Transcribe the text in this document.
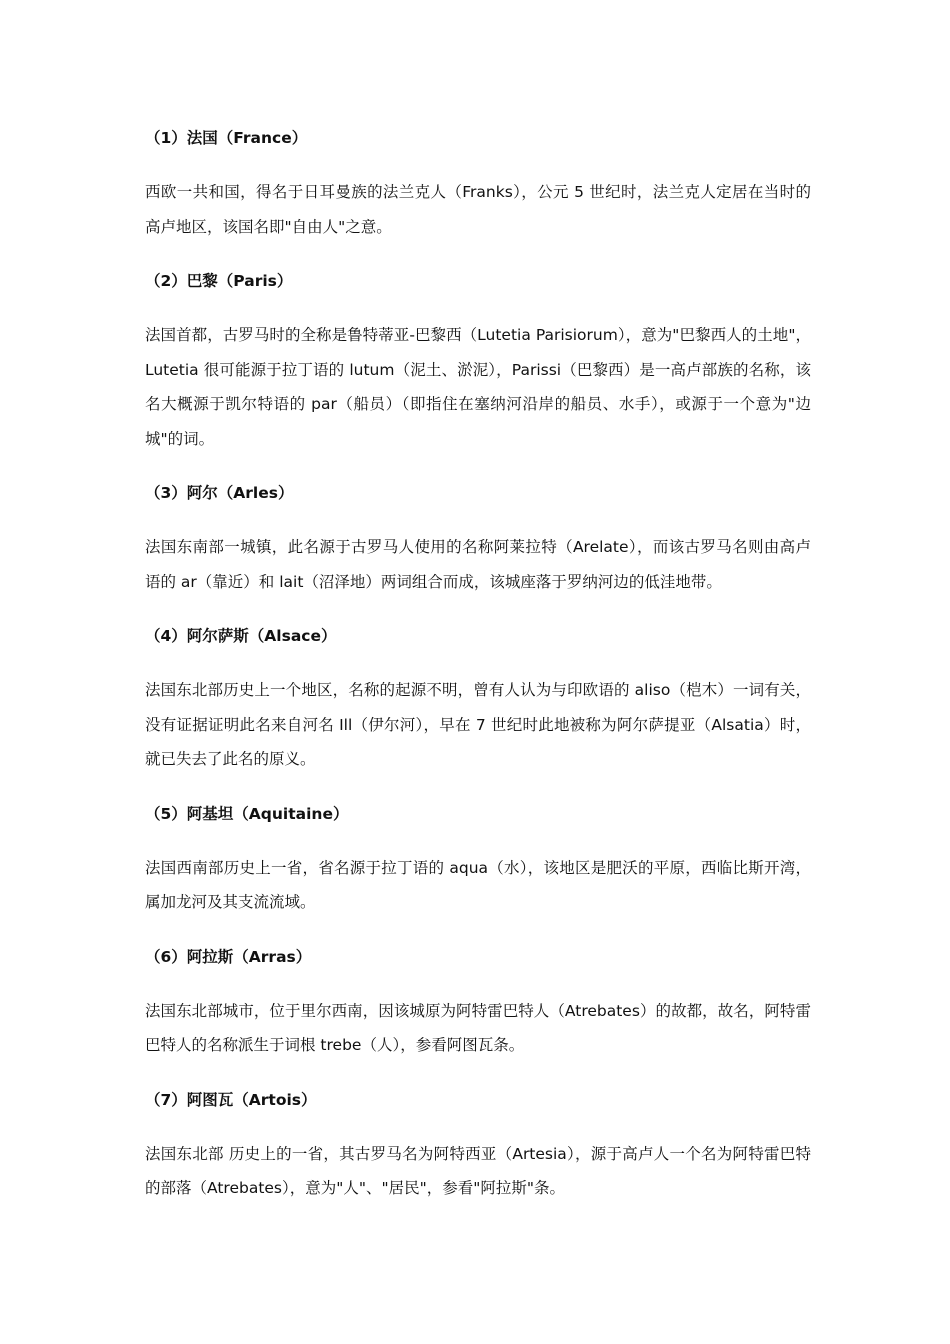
（1）法国（France）

西欧一共和国，得名于日耳曼族的法兰克人（Franks），公元 5 世纪时，法兰克人定居在当时的高卢地区，该国名即"自由人"之意。

（2）巴黎（Paris）

法国首都，古罗马时的全称是鲁特蒂亚-巴黎西（Lutetia Parisiorum），意为"巴黎西人的土地"，Lutetia 很可能源于拉丁语的 lutum（泥土、淤泥），Parissi（巴黎西）是一高卢部族的名称，该名大概源于凯尔特语的 par（船员）（即指住在塞纳河沿岸的船员、水手），或源于一个意为"边城"的词。

（3）阿尔（Arles）

法国东南部一城镇，此名源于古罗马人使用的名称阿莱拉特（Arelate），而该古罗马名则由高卢语的 ar（靠近）和 lait（沼泽地）两词组合而成，该城座落于罗纳河边的低洼地带。

（4）阿尔萨斯（Alsace）

法国东北部历史上一个地区，名称的起源不明，曾有人认为与印欧语的 aliso（桤木）一词有关，没有证据证明此名来自河名 Ill（伊尔河），早在 7 世纪时此地被称为阿尔萨提亚（Alsatia）时，就已失去了此名的原义。

（5）阿基坦（Aquitaine）

法国西南部历史上一省，省名源于拉丁语的 aqua（水），该地区是肥沃的平原，西临比斯开湾，属加龙河及其支流流域。

（6）阿拉斯（Arras）

法国东北部城市，位于里尔西南，因该城原为阿特雷巴特人（Atrebates）的故都，故名，阿特雷巴特人的名称派生于词根 trebe（人），参看阿图瓦条。

（7）阿图瓦（Artois）

法国东北部 历史上的一省，其古罗马名为阿特西亚（Artesia），源于高卢人一个名为阿特雷巴特的部落（Atrebates），意为"人"、"居民"，参看"阿拉斯"条。
